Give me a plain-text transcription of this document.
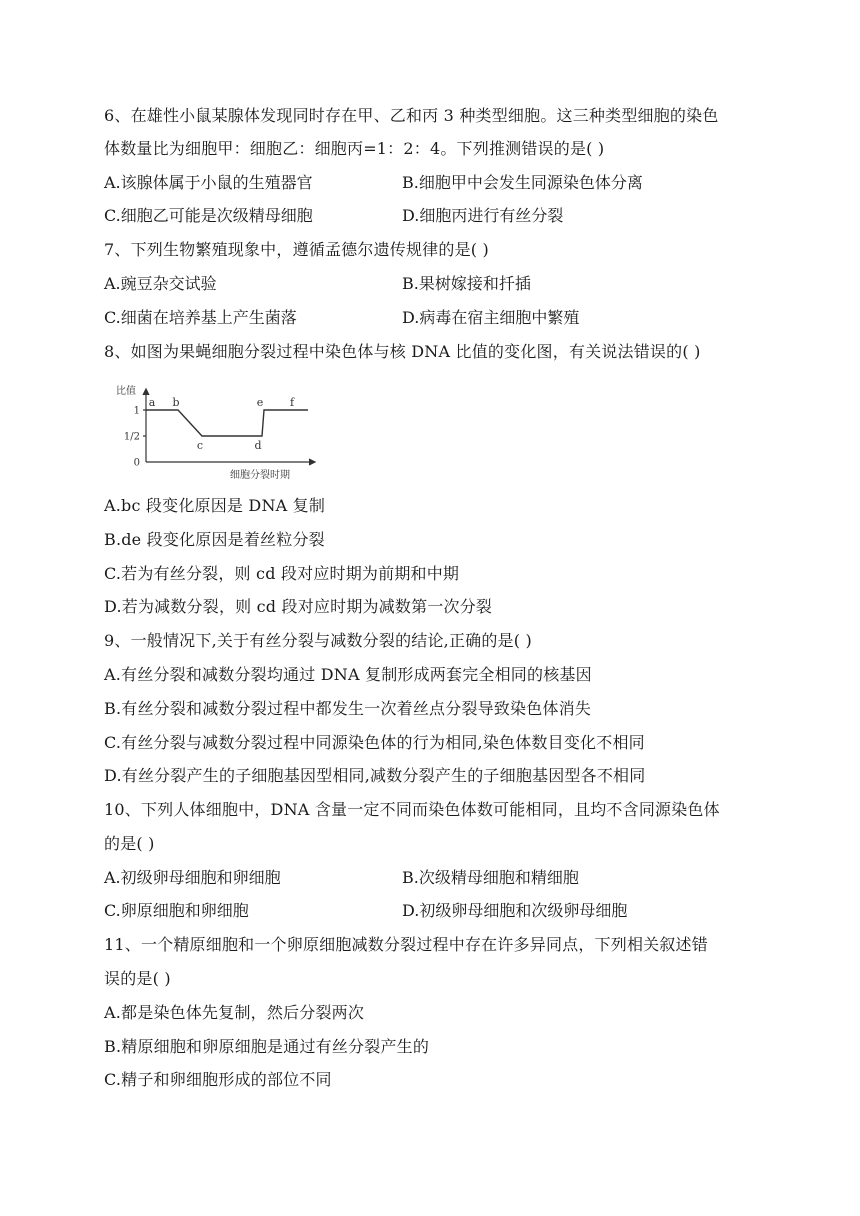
6、在雄性小鼠某腺体发现同时存在甲、乙和丙 3 种类型细胞。这三种类型细胞的染色
体数量比为细胞甲：细胞乙：细胞丙=1：2：4。下列推测错误的是( )
A.该腺体属于小鼠的生殖器官	B.细胞甲中会发生同源染色体分离
C.细胞乙可能是次级精母细胞	D.细胞丙进行有丝分裂
7、下列生物繁殖现象中，遵循孟德尔遗传规律的是( )
A.豌豆杂交试验	B.果树嫁接和扦插
C.细菌在培养基上产生菌落	D.病毒在宿主细胞中繁殖
8、如图为果蝇细胞分裂过程中染色体与核 DNA 比值的变化图，有关说法错误的( )
比值
细胞分裂时期
0
1/2
1
a b
c	d
e f
A.bc 段变化原因是 DNA 复制
B.de 段变化原因是着丝粒分裂
C.若为有丝分裂，则 cd 段对应时期为前期和中期
D.若为减数分裂，则 cd 段对应时期为减数第一次分裂
9、一般情况下,关于有丝分裂与减数分裂的结论,正确的是( )
A.有丝分裂和减数分裂均通过 DNA 复制形成两套完全相同的核基因
B.有丝分裂和减数分裂过程中都发生一次着丝点分裂导致染色体消失
C.有丝分裂与减数分裂过程中同源染色体的行为相同,染色体数目变化不相同
D.有丝分裂产生的子细胞基因型相同,减数分裂产生的子细胞基因型各不相同
10、下列人体细胞中，DNA 含量一定不同而染色体数可能相同，且均不含同源染色体
的是( )
A.初级卵母细胞和卵细胞	B.次级精母细胞和精细胞
C.卵原细胞和卵细胞	D.初级卵母细胞和次级卵母细胞
11、一个精原细胞和一个卵原细胞减数分裂过程中存在许多异同点，下列相关叙述错
误的是( )
A.都是染色体先复制，然后分裂两次
B.精原细胞和卵原细胞是通过有丝分裂产生的
C.精子和卵细胞形成的部位不同
